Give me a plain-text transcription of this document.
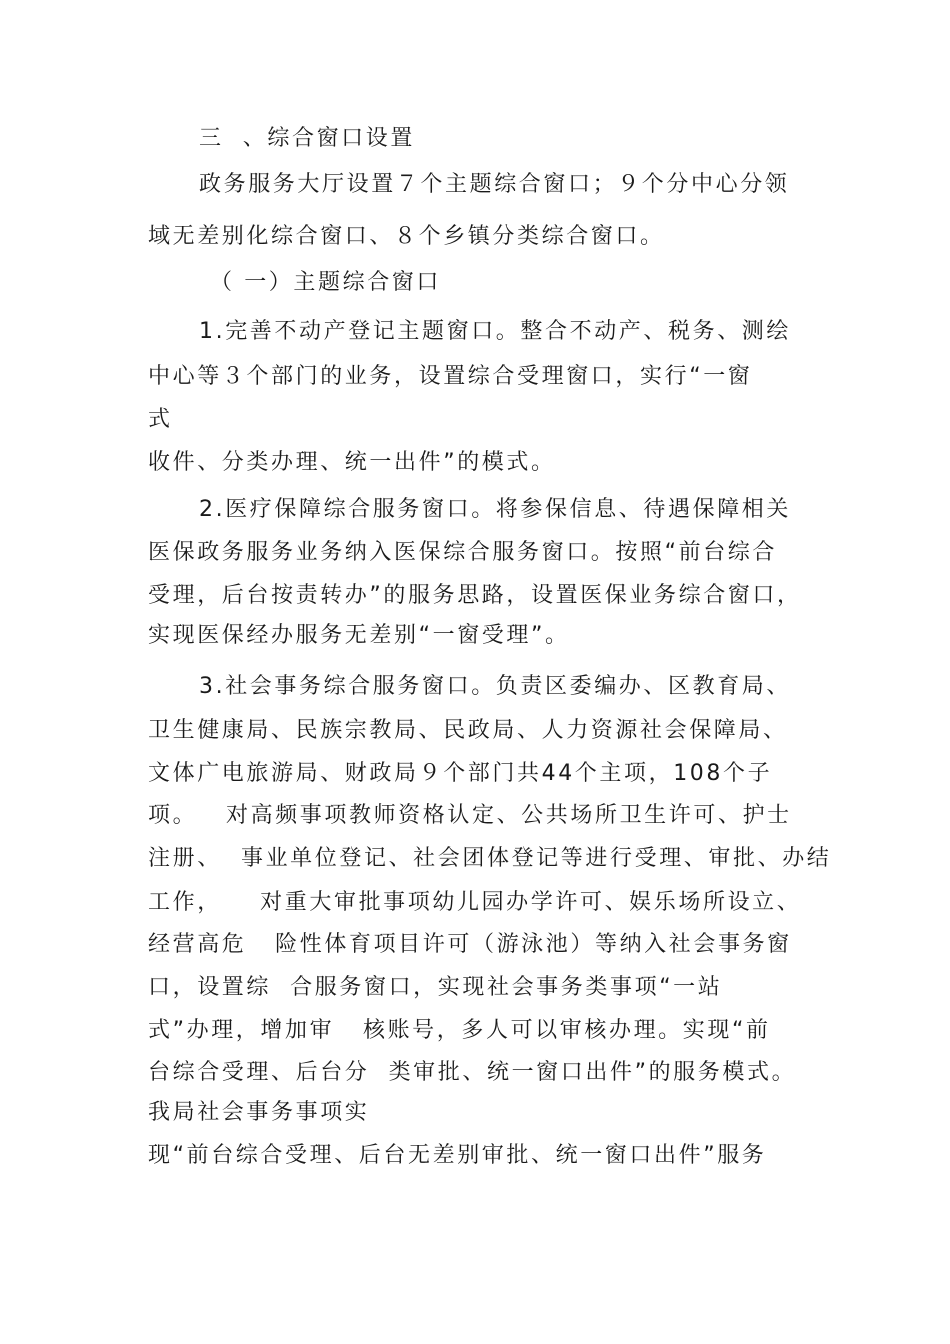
三  、综合窗口设置

政务服务大厅设置７个主题综合窗口；９个分中心分领

域无差别化综合窗口、８个乡镇分类综合窗口。

（ 一）主题综合窗口

1.完善不动产登记主题窗口。整合不动产、税务、测绘

中心等３个部门的业务，设置综合受理窗口，实行“一窗

式

收件、分类办理、统一出件”的模式。

2.医疗保障综合服务窗口。将参保信息、待遇保障相关

医保政务服务业务纳入医保综合服务窗口。按照“前台综合

受理，后台按责转办”的服务思路，设置医保业务综合窗口，

实现医保经办服务无差别“一窗受理”。

3.社会事务综合服务窗口。负责区委编办、区教育局、

卫生健康局、民族宗教局、民政局、人力资源社会保障局、

文体广电旅游局、财政局９个部门共44个主项，108个子

项。   对高频事项教师资格认定、公共场所卫生许可、护士

注册、  事业单位登记、社会团体登记等进行受理、审批、办结

工作，    对重大审批事项幼儿园办学许可、娱乐场所设立、

经营高危   险性体育项目许可（游泳池）等纳入社会事务窗

口，设置综  合服务窗口，实现社会事务类事项“一站

式”办理，增加审   核账号，多人可以审核办理。实现“前

台综合受理、后台分  类审批、统一窗口出件”的服务模式。

我局社会事务事项实

现“前台综合受理、后台无差别审批、统一窗口出件”服务
